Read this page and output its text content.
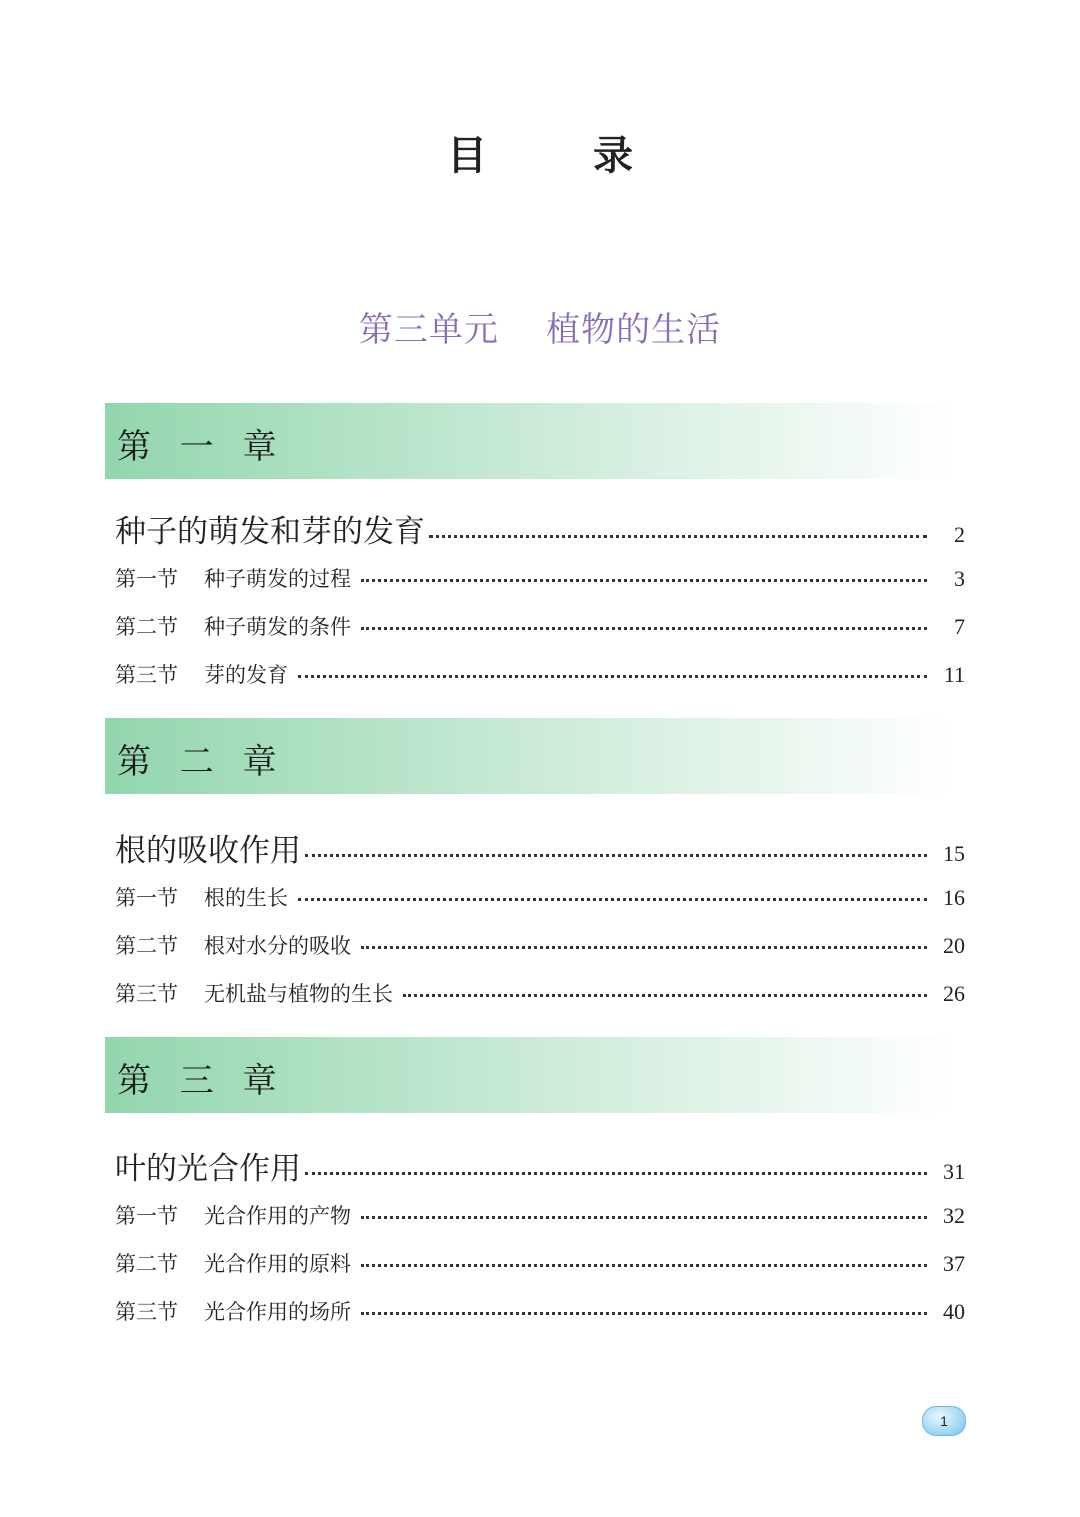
目 录
第三单元    植物的生活
第 一 章
种子的萌发和芽的发育	2
第一节 种子萌发的过程	3
第二节 种子萌发的条件	7
第三节 芽的发育	11
第 二 章
根的吸收作用	15
第一节 根的生长	16
第二节 根对水分的吸收	20
第三节 无机盐与植物的生长	26
第 三 章
叶的光合作用	31
第一节 光合作用的产物	32
第二节 光合作用的原料	37
第三节 光合作用的场所	40
1
